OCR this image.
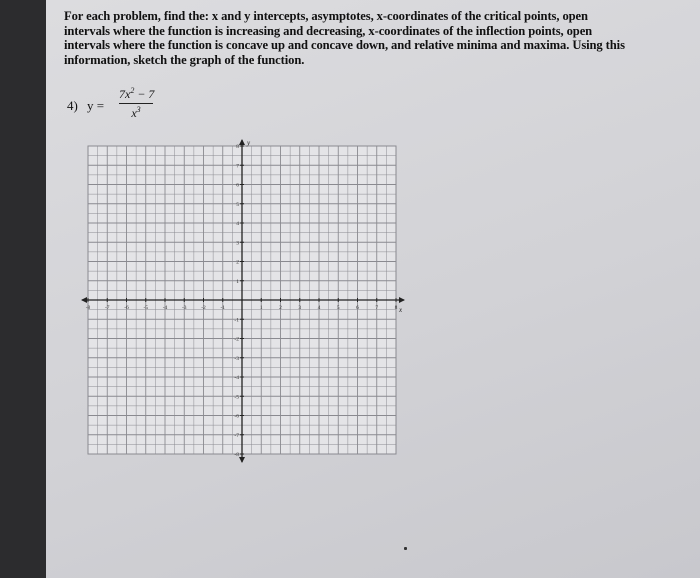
For each problem, find the: x and y intercepts, asymptotes, x-coordinates of the critical points, open
intervals where the function is increasing and decreasing, x-coordinates of the inflection points, open
intervals where the function is concave up and concave down, and relative minima and maxima. Using this
information, sketch the graph of the function.
4) y =
$7x^2 - 7$
$x^3$
x
y
-8	-7	-6	-5	-4	-3	-2	-1	1	2	3	4	5	6	7	8
8
7
6
5
4
3
2
1
-1
-2
-3
-4
-5
-6
-7
-8
